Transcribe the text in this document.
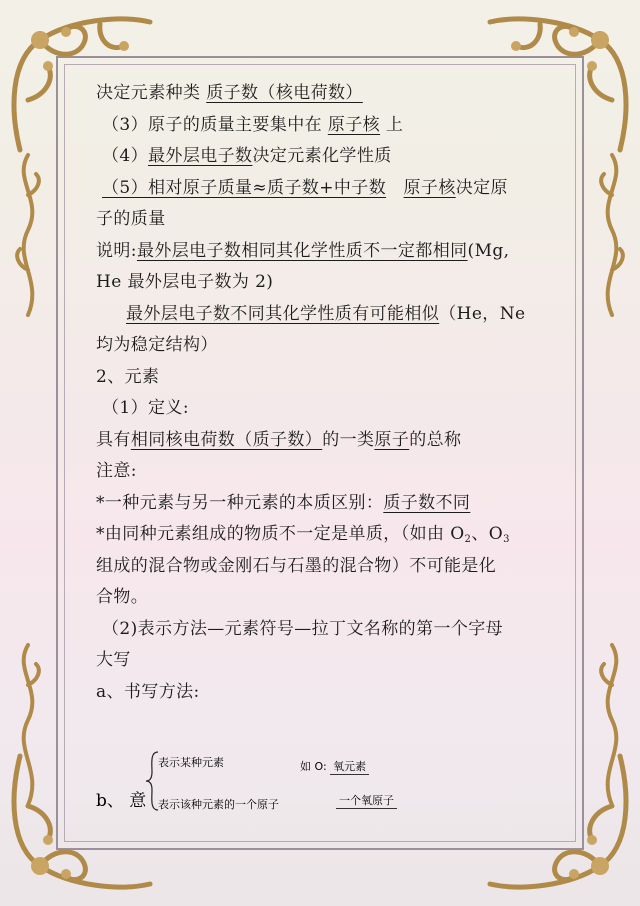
决定元素种类 质子数（核电荷数）
（3）原子的质量主要集中在 原子核 上
（4）最外层电子数决定元素化学性质
（5）相对原子质量≈质子数+中子数 原子核决定原
子的质量
说明:最外层电子数相同其化学性质不一定都相同(Mg,
He 最外层电子数为 2)
最外层电子数不同其化学性质有可能相似（He，Ne
均为稳定结构）
2、元素
（1）定义:
具有相同核电荷数（质子数）的一类原子的总称
注意:
*一种元素与另一种元素的本质区别：质子数不同
*由同种元素组成的物质不一定是单质，（如由 $O_2$、$O_3$
组成的混合物或金刚石与石墨的混合物）不可能是化
合物。
（2)表示方法—元素符号—拉丁文名称的第一个字母
大写
a、书写方法:
b、 意
表示某种元素
表示该种元素的一个原子
如 O: 氧元素
一个氧原子
